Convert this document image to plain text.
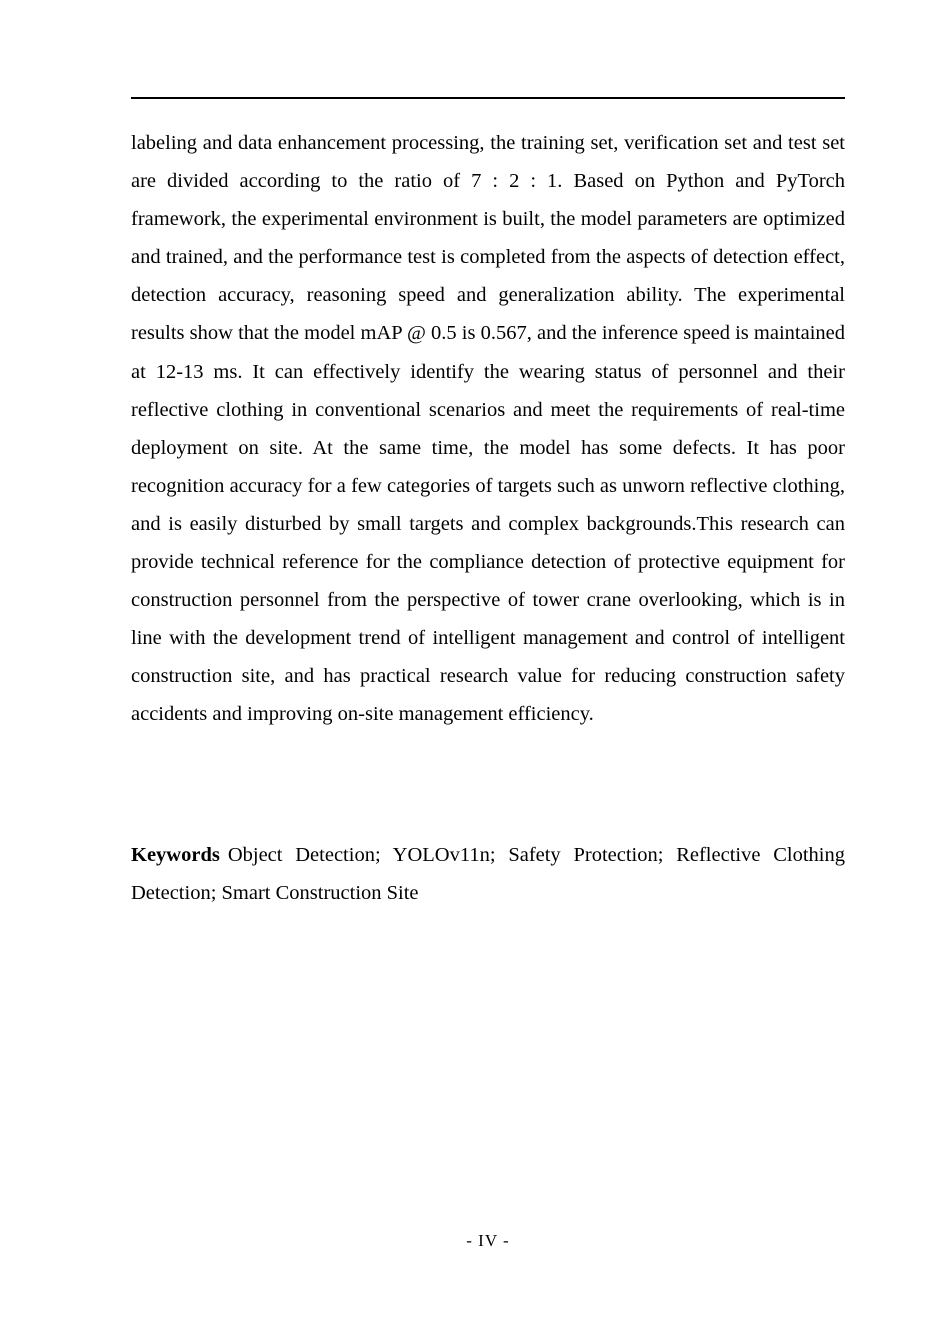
labeling and data enhancement processing, the training set, verification set and test set are divided according to the ratio of 7 : 2 : 1. Based on Python and PyTorch framework, the experimental environment is built, the model parameters are optimized and trained, and the performance test is completed from the aspects of detection effect, detection accuracy, reasoning speed and generalization ability. The experimental results show that the model mAP @ 0.5 is 0.567, and the inference speed is maintained at 12-13 ms. It can effectively identify the wearing status of personnel and their reflective clothing in conventional scenarios and meet the requirements of real-time deployment on site. At the same time, the model has some defects. It has poor recognition accuracy for a few categories of targets such as unworn reflective clothing, and is easily disturbed by small targets and complex backgrounds.This research can provide technical reference for the compliance detection of protective equipment for construction personnel from the perspective of tower crane overlooking, which is in line with the development trend of intelligent management and control of intelligent construction site, and has practical research value for reducing construction safety accidents and improving on-site management efficiency.

Keywords Object Detection; YOLOv11n; Safety Protection; Reflective Clothing Detection; Smart Construction Site

- IV -
